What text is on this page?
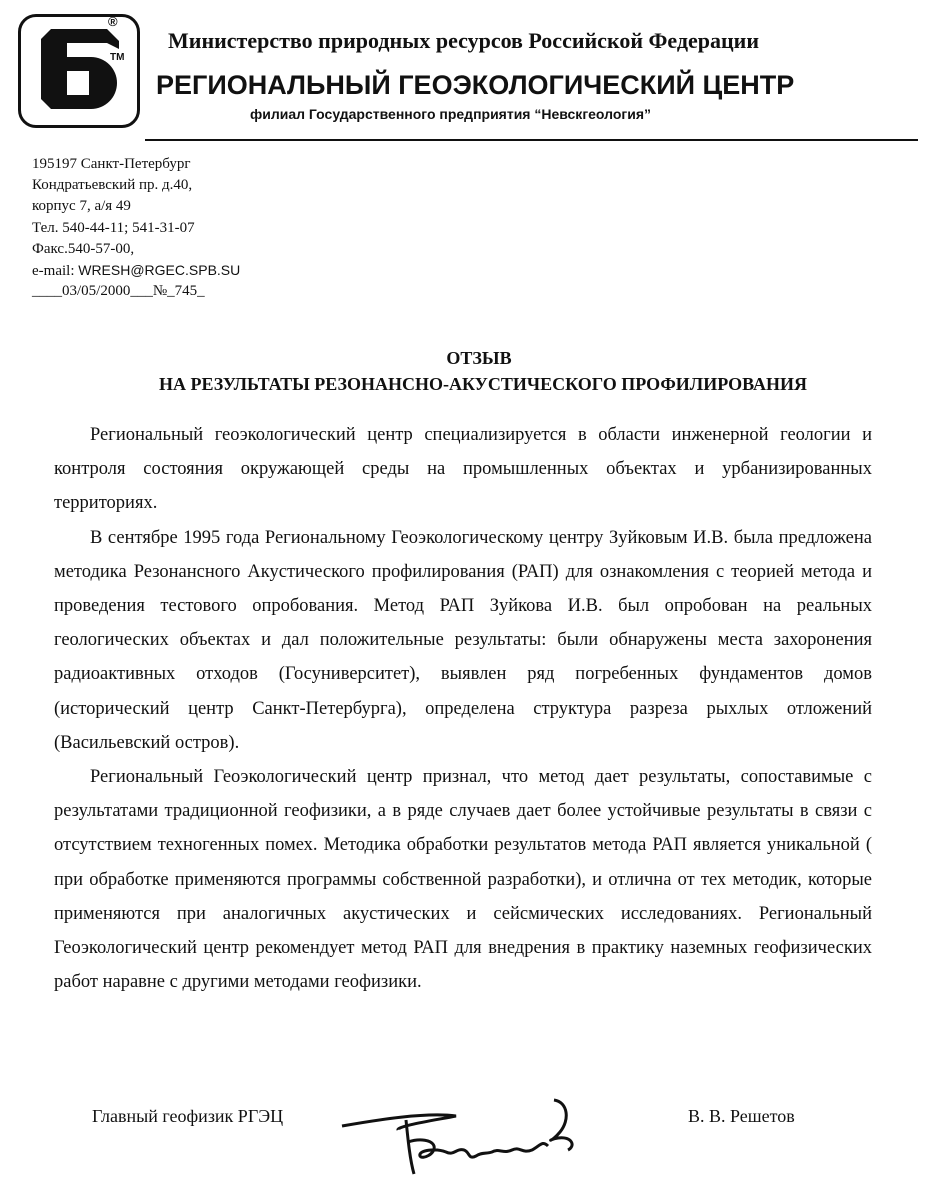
®
ТМ
Министерство природных ресурсов Российской Федерации
РЕГИОНАЛЬНЫЙ ГЕОЭКОЛОГИЧЕСКИЙ ЦЕНТР
филиал Государственного предприятия “Невскгеология”
195197 Санкт-Петербург
Кондратьевский пр. д.40,
корпус 7, а/я 49
Тел. 540-44-11; 541-31-07
Факс.540-57-00,
e-mail: WRESH@RGEC.SPB.SU
____03/05/2000___№_745_
ОТЗЫВ
НА РЕЗУЛЬТАТЫ РЕЗОНАНСНО-АКУСТИЧЕСКОГО ПРОФИЛИРОВАНИЯ

Региональный геоэкологический центр специализируется в области инженерной геологии и контроля состояния окружающей среды на промышленных объектах и урбанизированных территориях.

В сентябре 1995 года Региональному Геоэкологическому центру Зуйковым И.В. была предложена методика Резонансного Акустического профилирования (РАП) для ознакомления с теорией метода и проведения тестового опробования. Метод РАП Зуйкова И.В. был опробован на реальных геологических объектах и дал положительные результаты: были обнаружены места захоронения радиоактивных отходов (Госуниверситет), выявлен ряд погребенных фундаментов домов (исторический центр Санкт-Петербурга), определена структура разреза рыхлых отложений (Васильевский остров).

Региональный Геоэкологический центр признал, что метод дает результаты, сопоставимые с результатами традиционной геофизики, а в ряде случаев дает более устойчивые результаты в связи с отсутствием техногенных помех. Методика обработки результатов метода РАП является уникальной ( при обработке применяются программы собственной разработки), и отлична от тех методик, которые применяются при аналогичных акустических и сейсмических исследованиях. Региональный Геоэкологический центр рекомендует метод РАП для внедрения в практику наземных геофизических работ наравне с другими методами геофизики.

Главный геофизик РГЭЦ	В. В. Решетов
